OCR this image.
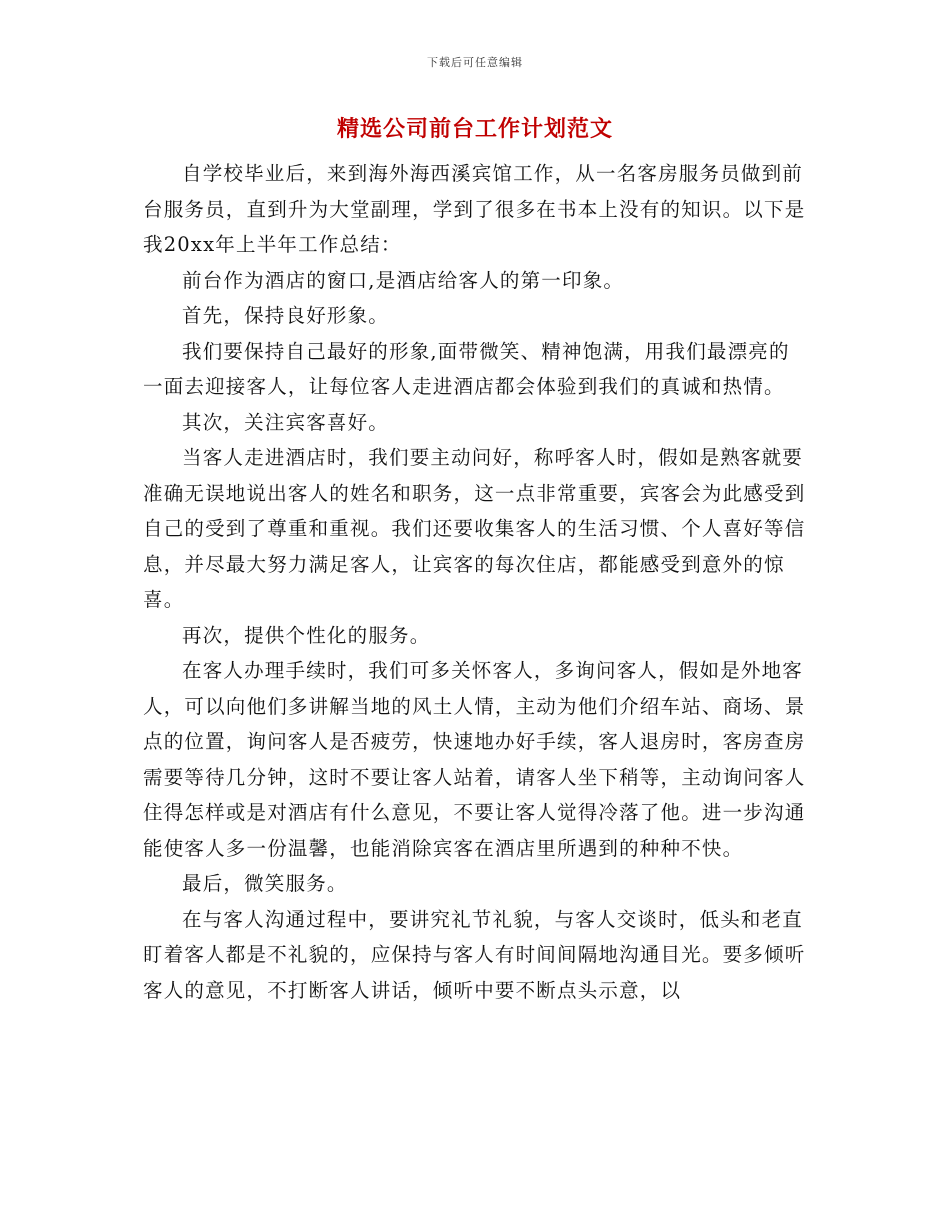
下载后可任意编辑
精选公司前台工作计划范文

自学校毕业后，来到海外海西溪宾馆工作，从一名客房服务员做到前台服务员，直到升为大堂副理，学到了很多在书本上没有的知识。以下是我20xx年上半年工作总结：

前台作为酒店的窗口,是酒店给客人的第一印象。

首先，保持良好形象。

我们要保持自己最好的形象,面带微笑、精神饱满，用我们最漂亮的一面去迎接客人，让每位客人走进酒店都会体验到我们的真诚和热情。

其次，关注宾客喜好。

当客人走进酒店时，我们要主动问好，称呼客人时，假如是熟客就要准确无误地说出客人的姓名和职务，这一点非常重要，宾客会为此感受到自己的受到了尊重和重视。我们还要收集客人的生活习惯、个人喜好等信息，并尽最大努力满足客人，让宾客的每次住店，都能感受到意外的惊喜。

再次，提供个性化的服务。

在客人办理手续时，我们可多关怀客人，多询问客人，假如是外地客人，可以向他们多讲解当地的风土人情，主动为他们介绍车站、商场、景点的位置，询问客人是否疲劳，快速地办好手续，客人退房时，客房查房需要等待几分钟，这时不要让客人站着，请客人坐下稍等，主动询问客人住得怎样或是对酒店有什么意见，不要让客人觉得冷落了他。进一步沟通能使客人多一份温馨，也能消除宾客在酒店里所遇到的种种不快。

最后，微笑服务。

在与客人沟通过程中，要讲究礼节礼貌，与客人交谈时，低头和老直盯着客人都是不礼貌的，应保持与客人有时间间隔地沟通目光。要多倾听客人的意见，不打断客人讲话，倾听中要不断点头示意，以
